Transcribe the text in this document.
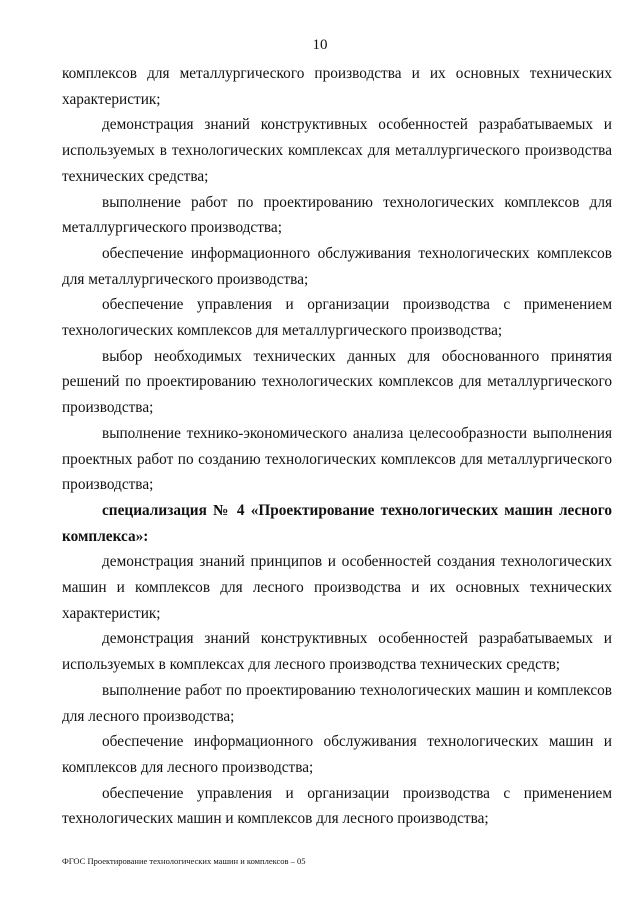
10

комплексов для металлургического производства и их основных технических характеристик;

демонстрация знаний конструктивных особенностей разрабатываемых и используемых в технологических комплексах для металлургического производства технических средства;

выполнение работ по проектированию технологических комплексов для металлургического производства;

обеспечение информационного обслуживания технологических комплексов для металлургического производства;

обеспечение управления и организации производства с применением технологических комплексов для металлургического производства;

выбор необходимых технических данных для обоснованного принятия решений по проектированию технологических комплексов для металлургического производства;

выполнение технико-экономического анализа целесообразности выполнения проектных работ по созданию технологических комплексов для металлургического производства;

специализация № 4 «Проектирование технологических машин лесного комплекса»:

демонстрация знаний принципов и особенностей создания технологических машин и комплексов для лесного производства и их основных технических характеристик;

демонстрация знаний конструктивных особенностей разрабатываемых и используемых в комплексах для лесного производства технических средств;

выполнение работ по проектированию технологических машин и комплексов для лесного производства;

обеспечение информационного обслуживания технологических машин и комплексов для лесного производства;

обеспечение управления и организации производства с применением технологических машин и комплексов для лесного производства;

ФГОС Проектирование технологических машин и комплексов – 05
